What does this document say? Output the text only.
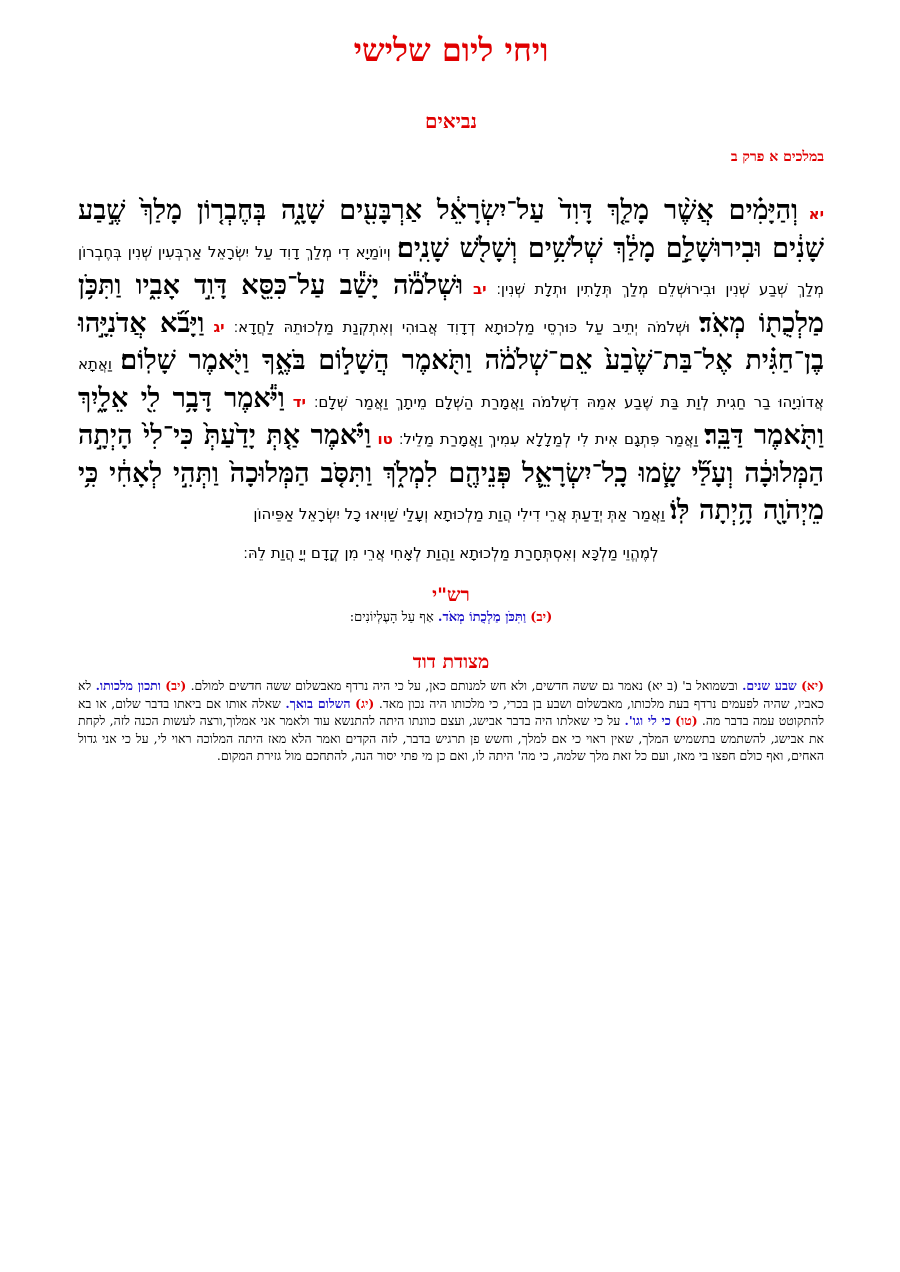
ויחי ליום שלישי
נביאים
במלכים א פרק ב
יא וְהַיָּמִ֗ים אֲשֶׁ֨ר מָלַ֤ךְ דָּוִד֙ עַל־יִשְׂרָאֵ֔ל אַרְבָּעִ֖ים שָׁנָ֑ה בְּחֶבְר֤וֹן מָלַךְ֙ שֶׁ֣בַע שָׁנִ֔ים וּבִירוּשָׁלִַ֣ם מָלַ֔ךְ שְׁלֹשִׁ֥ים וְשָׁלֹ֖שׁ שָׁנִֽים׃ וְיוֹמַיָא דִי מְלַךְ דָוִד עַל יִשְׂרָאֵל אַרְבְּעִין שְׁנִין בְּחֶבְרוֹן מְלַךְ שְׁבַע שְׁנִין וּבִירוּשְׁלֵם מְלַךְ תְּלָתִין וּתְלָת שְׁנִין׃ יב וּשְׁלֹמֹ֕ה יָשַׁ֕ב עַל־כִּסֵּ֖א דָּוִ֣ד אָבִ֑יו וַתִּכֹּ֥ן מַלְכֻת֖וֹ מְאֹֽד׃ וּשְׁלֹמֹה יְתֵיב עַל כּוּרְסֵי מַלְכוּתָא דְדָוִד אֲבוּהִי וְאִתְקְנַת מַלְכוּתֵהּ לַחֲדָא׃ יג וַיָּבֹ֞א אֲדֹנִיָּ֣הוּ בֶן־חַגִּ֗ית אֶל־בַּת־שֶׁ֙בַע֙ אֵם־שְׁלֹמֹ֔ה וַתֹּ֖אמֶר הֲשָׁל֣וֹם בֹּאֶ֑ךָ וַיֹּ֖אמֶר שָׁלֽוֹם׃ וַאֲתָא אֲדוֹנִיָהוּ בַר חַגִית לְוַת בַּת שֶׁבַע אִמֵהּ דִשְׁלֹמֹה וַאֲמָרַת הַשְׁלָם מֵיתָךְ וַאֲמַר שְׁלָם׃ יד וַיֹּ֕אמֶר דָּבָ֥ר לִ֖י אֵלָ֑יִךְ וַתֹּ֖אמֶר דַּבֵּֽר׃ וַאֲמַר פִּתְגָם אִית לִי לְמַלָלָא עִמִיךְ וַאֲמָרַת מַלֵיל׃ טו וַיֹּ֗אמֶר אַ֤תְּ יָדַ֙עַתְּ֙ כִּי־לִי֙ הָיְתָ֣ה הַמְּלוּכָ֔ה וְעָלַ֞י שָׂ֧מוּ כָֽל־יִשְׂרָאֵ֛ל פְּנֵיהֶ֖ם לִמְלֹ֑ךְ וַתִּסֹּ֤ב הַמְּלוּכָה֙ וַתְּהִ֣י לְאָחִ֔י כִּ֥י מֵיְהֹוָ֖ה הָ֥יְתָה לּֽוֹ׃ וַאֲמַר אַתְּ יְדַעַתְּ אֲרֵי דִילִי הֲוַת מַלְכוּתָא וְעָלַי שַׁוִיאוּ כָל יִשְׂרָאֵל אַפֵּיהוֹן
לְמֶהֱוֵי מַלְכָּא וְאִסְתְּחָרַת מַלְכוּתָא וַהֲוַת לְאָחִי אֲרֵי מִן קֳדָם יְיָ הֲוַת לֵהּ׃
רש"י
(יב) וַתִּכֹּן מַלְכֻתוֹ מְאֹד. אַף עַל הָעֶלְיוֹנִים:
מצודת דוד
(יא) שבע שנים. ובשמואל ב' (ב יא) נאמר גם ששה חדשים, ולא חש למנותם כאן, על כי היה נרדף מאבשלום ששה חדשים למולם. (יב) ותכון מלכותו. לא כאביו, שהיה לפעמים נרדף בעת מלכותו, מאבשלום ושבע בן בכרי, כי מלכותו היה נכון מאד. (יג) השלום בואך. שאלה אותו אם ביאתו בדבר שלום, או בא להתקוטט עמה בדבר מה. (טו) כי לי וגו'. על כי שאלתו היה בדבר אבישג, ועצם כוונתו היתה להתנשא עוד ולאמר אני אמלוך,ורצה לעשות הכנה לזה, לקחת את אבישג, להשתמש בתשמיש המלך, שאין ראוי כי אם למלך, וחשש פן תרגיש בדבר, לזה הקדים ואמר הלא מאז היתה המלוכה ראוי לי, על כי אני גדול האחים, ואף כולם חפצו בי מאז, ועם כל זאת מלך שלמה, כי מה' היתה לו, ואם כן מי פתי יסור הנה, להתחכם מול גזירת המקום.
